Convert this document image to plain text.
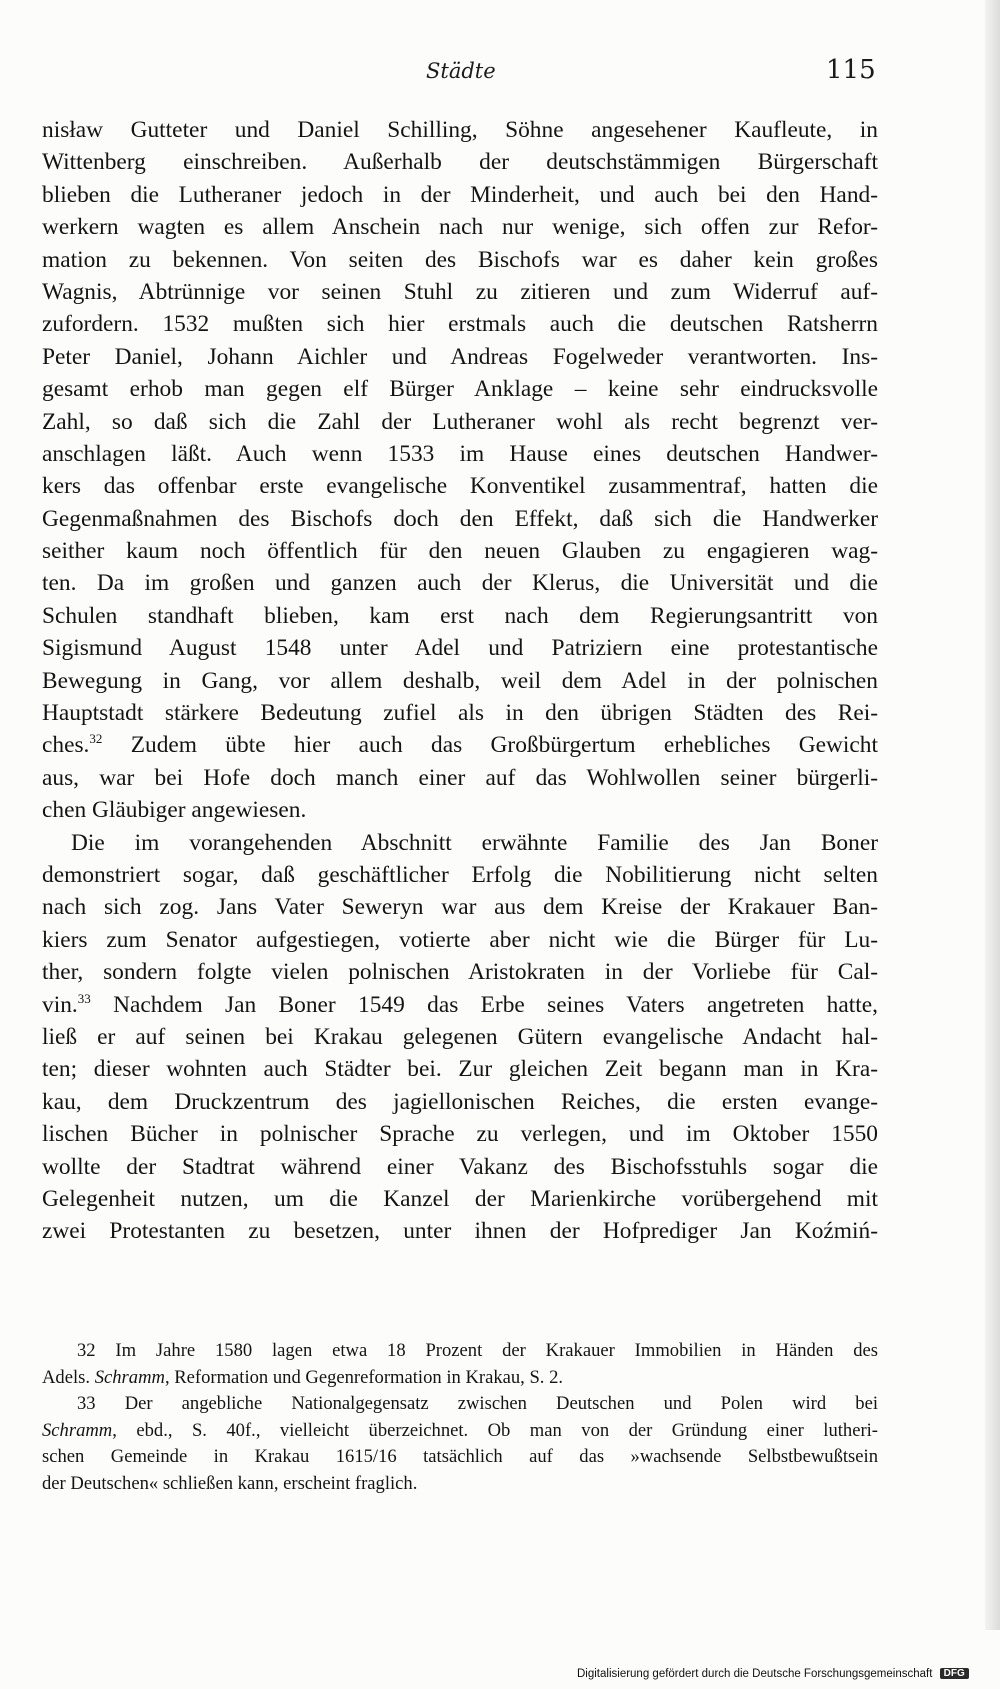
Städte	115
nisław Gutteter und Daniel Schilling, Söhne angesehener Kaufleute, in
Wittenberg einschreiben. Außerhalb der deutschstämmigen Bürgerschaft
blieben die Lutheraner jedoch in der Minderheit, und auch bei den Hand-
werkern wagten es allem Anschein nach nur wenige, sich offen zur Refor-
mation zu bekennen. Von seiten des Bischofs war es daher kein großes
Wagnis, Abtrünnige vor seinen Stuhl zu zitieren und zum Widerruf auf-
zufordern. 1532 mußten sich hier erstmals auch die deutschen Ratsherrn
Peter Daniel, Johann Aichler und Andreas Fogelweder verantworten. Ins-
gesamt erhob man gegen elf Bürger Anklage – keine sehr eindrucksvolle
Zahl, so daß sich die Zahl der Lutheraner wohl als recht begrenzt ver-
anschlagen läßt. Auch wenn 1533 im Hause eines deutschen Handwer-
kers das offenbar erste evangelische Konventikel zusammentraf, hatten die
Gegenmaßnahmen des Bischofs doch den Effekt, daß sich die Handwerker
seither kaum noch öffentlich für den neuen Glauben zu engagieren wag-
ten. Da im großen und ganzen auch der Klerus, die Universität und die
Schulen standhaft blieben, kam erst nach dem Regierungsantritt von
Sigismund August 1548 unter Adel und Patriziern eine protestantische
Bewegung in Gang, vor allem deshalb, weil dem Adel in der polnischen
Hauptstadt stärkere Bedeutung zufiel als in den übrigen Städten des Rei-
ches.$^{32}$ Zudem übte hier auch das Großbürgertum erhebliches Gewicht
aus, war bei Hofe doch manch einer auf das Wohlwollen seiner bürgerli-
chen Gläubiger angewiesen.
Die im vorangehenden Abschnitt erwähnte Familie des Jan Boner
demonstriert sogar, daß geschäftlicher Erfolg die Nobilitierung nicht selten
nach sich zog. Jans Vater Seweryn war aus dem Kreise der Krakauer Ban-
kiers zum Senator aufgestiegen, votierte aber nicht wie die Bürger für Lu-
ther, sondern folgte vielen polnischen Aristokraten in der Vorliebe für Cal-
vin.$^{33}$ Nachdem Jan Boner 1549 das Erbe seines Vaters angetreten hatte,
ließ er auf seinen bei Krakau gelegenen Gütern evangelische Andacht hal-
ten; dieser wohnten auch Städter bei. Zur gleichen Zeit begann man in Kra-
kau, dem Druckzentrum des jagiellonischen Reiches, die ersten evange-
lischen Bücher in polnischer Sprache zu verlegen, und im Oktober 1550
wollte der Stadtrat während einer Vakanz des Bischofsstuhls sogar die
Gelegenheit nutzen, um die Kanzel der Marienkirche vorübergehend mit
zwei Protestanten zu besetzen, unter ihnen der Hofprediger Jan Koźmiń-
32 Im Jahre 1580 lagen etwa 18 Prozent der Krakauer Immobilien in Händen des
Adels. Schramm, Reformation und Gegenreformation in Krakau, S. 2.
33 Der angebliche Nationalgegensatz zwischen Deutschen und Polen wird bei
Schramm, ebd., S. 40f., vielleicht überzeichnet. Ob man von der Gründung einer lutheri-
schen Gemeinde in Krakau 1615/16 tatsächlich auf das »wachsende Selbstbewußtsein
der Deutschen« schließen kann, erscheint fraglich.
Digitalisierung gefördert durch die Deutsche Forschungsgemeinschaft DFG
